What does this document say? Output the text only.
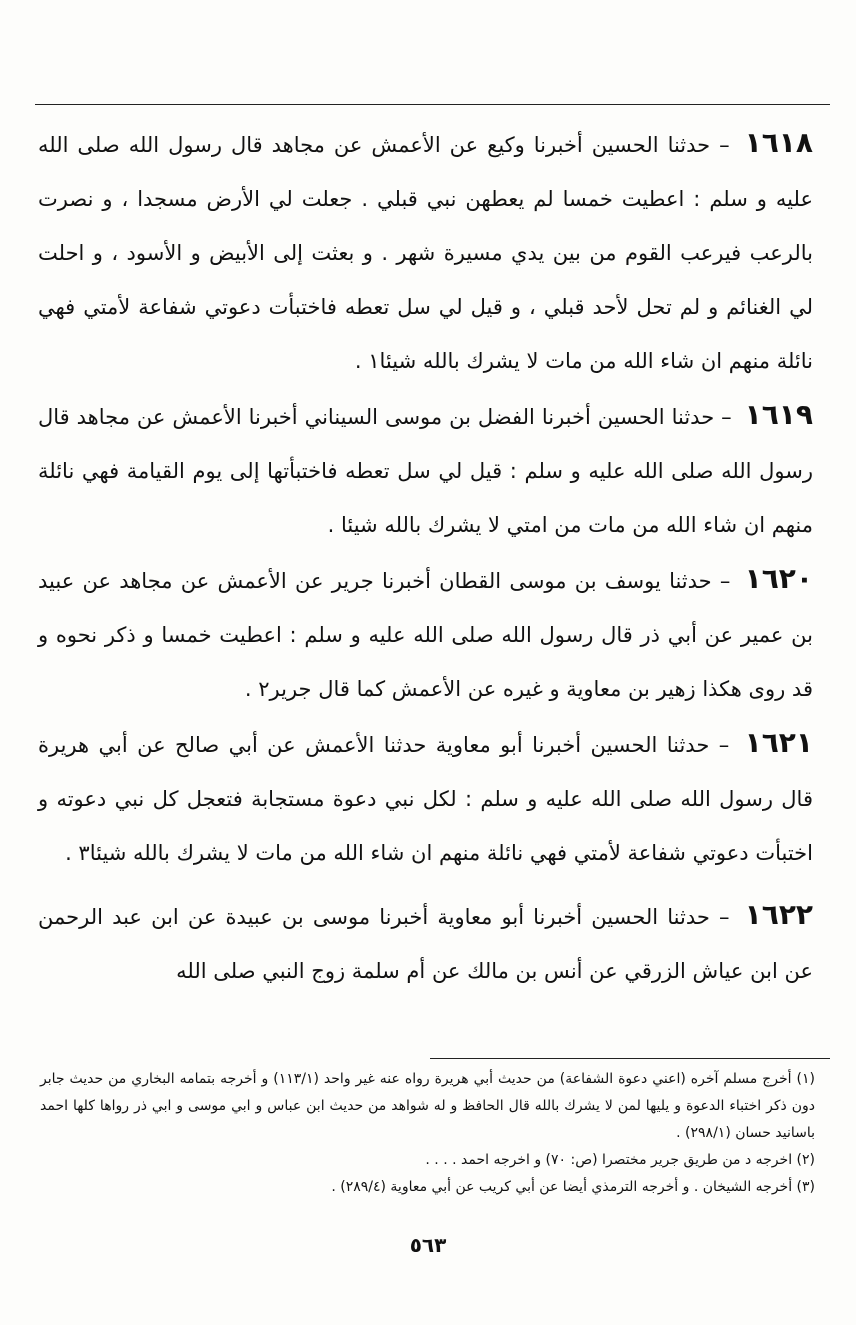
١٦١٨ – حدثنا الحسين أخبرنا وكيع عن الأعمش عن مجاهد قال رسول الله صلى الله عليه و سلم : اعطيت خمسا لم يعطهن نبي قبلي . جعلت لي الأرض مسجدا ، و نصرت بالرعب فيرعب القوم من بين يدي مسيرة شهر . و بعثت إلى الأبيض و الأسود ، و احلت لي الغنائم و لم تحل لأحد قبلي ، و قيل لي سل تعطه فاختبأت دعوتي شفاعة لأمتي فهي نائلة منهم ان شاء الله من مات لا يشرك بالله شيئا١ .

١٦١٩ – حدثنا الحسين أخبرنا الفضل بن موسى السيناني أخبرنا الأعمش عن مجاهد قال رسول الله صلى الله عليه و سلم : قيل لي سل تعطه فاختبأتها إلى يوم القيامة فهي نائلة منهم ان شاء الله من مات من امتي لا يشرك بالله شيئا .

١٦٢٠ – حدثنا يوسف بن موسى القطان أخبرنا جرير عن الأعمش عن مجاهد عن عبيد بن عمير عن أبي ذر قال رسول الله صلى الله عليه و سلم : اعطيت خمسا و ذكر نحوه و قد روى هكذا زهير بن معاوية و غيره عن الأعمش كما قال جرير٢ .

١٦٢١ – حدثنا الحسين أخبرنا أبو معاوية حدثنا الأعمش عن أبي صالح عن أبي هريرة قال رسول الله صلى الله عليه و سلم : لكل نبي دعوة مستجابة فتعجل كل نبي دعوته و اختبأت دعوتي شفاعة لأمتي فهي نائلة منهم ان شاء الله من مات لا يشرك بالله شيئا٣ .

١٦٢٢ – حدثنا الحسين أخبرنا أبو معاوية أخبرنا موسى بن عبيدة عن ابن عبد الرحمن عن ابن عياش الزرقي عن أنس بن مالك عن أم سلمة زوج النبي صلى الله

(١) أخرج مسلم آخره (اعني دعوة الشفاعة) من حديث أبي هريرة رواه عنه غير واحد (١١٣/١) و أخرجه بتمامه البخاري من حديث جابر دون ذكر اختباء الدعوة و يليها لمن لا يشرك بالله قال الحافظ و له شواهد من حديث ابن عباس و ابي موسى و ابي ذر رواها كلها احمد باسانيد حسان (٢٩٨/١) .

(٢) اخرجه د من طريق جرير مختصرا (ص: ٧٠) و اخرجه احمد . . . .

(٣) أخرجه الشيخان . و أخرجه الترمذي أيضا عن أبي كريب عن أبي معاوية (٢٨٩/٤) .

٥٦٣
